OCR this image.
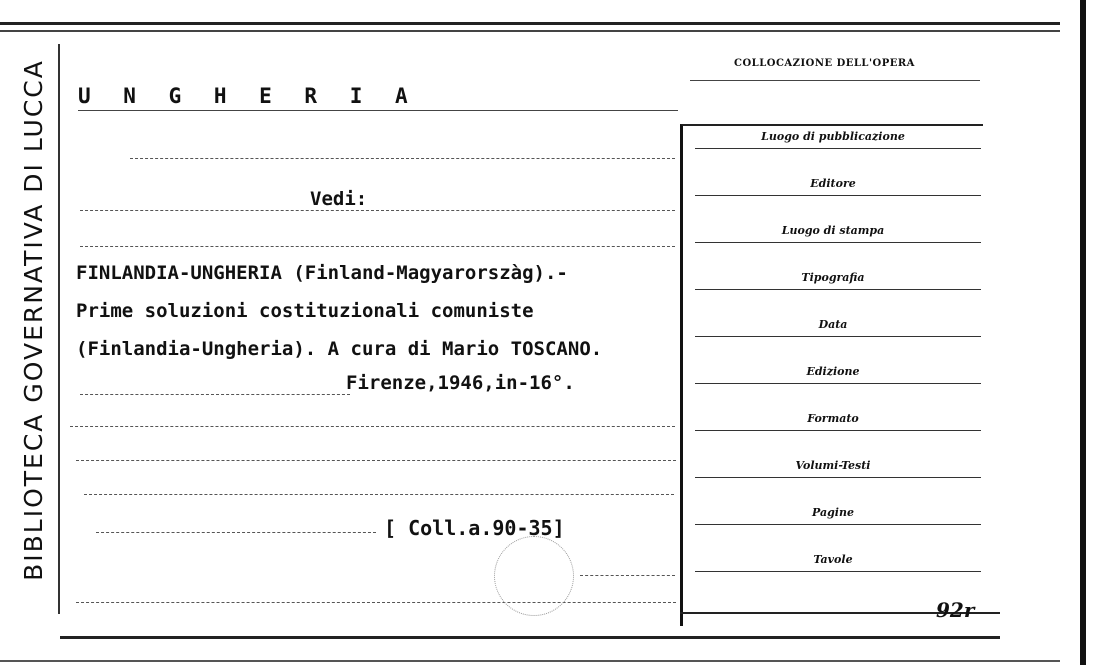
BIBLIOTECA GOVERNATIVA DI LUCCA U N G H E R I A
Vedi:
FINLANDIA-UNGHERIA (Finland-Magyarorszàg).-
Prime soluzioni costituzionali comuniste
(Finlandia-Ungheria). A cura di Mario TOSCANO.
Firenze,1946,in-16°.
[ Coll.a.90-35]
COLLOCAZIONE DELL'OPERA
Luogo di pubblicazione
Editore
Luogo di stampa
Tipografia
Data
Edizione
Formato
Volumi-Testi
Pagine
Tavole
92r
